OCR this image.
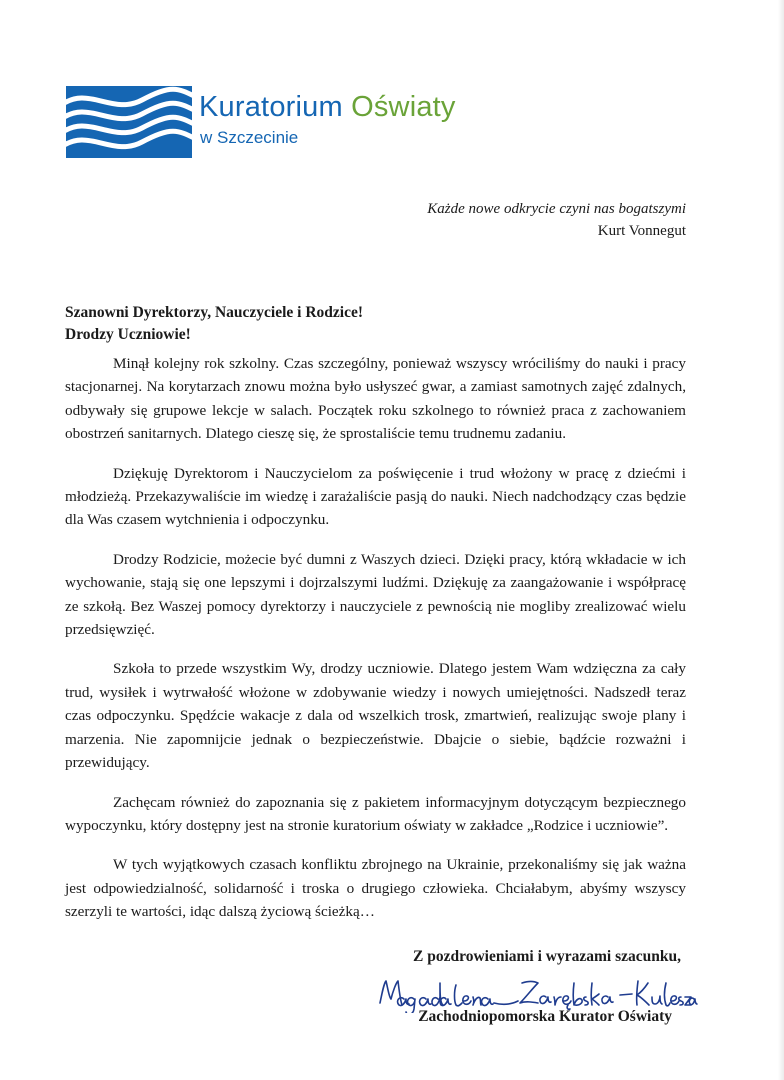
Kuratorium Oświaty
w Szczecinie
Każde nowe odkrycie czyni nas bogatszymi
Kurt Vonnegut
Szanowni Dyrektorzy, Nauczyciele i Rodzice!
Drodzy Uczniowie!

Minął kolejny rok szkolny. Czas szczególny, ponieważ wszyscy wróciliśmy do nauki i pracy stacjonarnej. Na korytarzach znowu można było usłyszeć gwar, a zamiast samotnych zajęć zdalnych, odbywały się grupowe lekcje w salach. Początek roku szkolnego to również praca z zachowaniem obostrzeń sanitarnych. Dlatego cieszę się, że sprostaliście temu trudnemu zadaniu.

Dziękuję Dyrektorom i Nauczycielom za poświęcenie i trud włożony w pracę z dziećmi i młodzieżą. Przekazywaliście im wiedzę i zarażaliście pasją do nauki. Niech nadchodzący czas będzie dla Was czasem wytchnienia i odpoczynku.

Drodzy Rodzicie, możecie być dumni z Waszych dzieci. Dzięki pracy, którą wkładacie w ich wychowanie, stają się one lepszymi i dojrzalszymi ludźmi. Dziękuję za zaangażowanie i współpracę ze szkołą. Bez Waszej pomocy dyrektorzy i nauczyciele z pewnością nie mogliby zrealizować wielu przedsięwzięć.

Szkoła to przede wszystkim Wy, drodzy uczniowie. Dlatego jestem Wam wdzięczna za cały trud, wysiłek i wytrwałość włożone w zdobywanie wiedzy i nowych umiejętności. Nadszedł teraz czas odpoczynku. Spędźcie wakacje z dala od wszelkich trosk, zmartwień, realizując swoje plany i marzenia. Nie zapomnijcie jednak o bezpieczeństwie. Dbajcie o siebie, bądźcie rozważni i przewidujący.

Zachęcam również do zapoznania się z pakietem informacyjnym dotyczącym bezpiecznego wypoczynku, który dostępny jest na stronie kuratorium oświaty w zakładce „Rodzice i uczniowie”.

W tych wyjątkowych czasach konfliktu zbrojnego na Ukrainie, przekonaliśmy się jak ważna jest odpowiedzialność, solidarność i troska o drugiego człowieka. Chciałabym, abyśmy wszyscy szerzyli te wartości, idąc dalszą życiową ścieżką…

Z pozdrowieniami i wyrazami szacunku,
Zachodniopomorska Kurator Oświaty
